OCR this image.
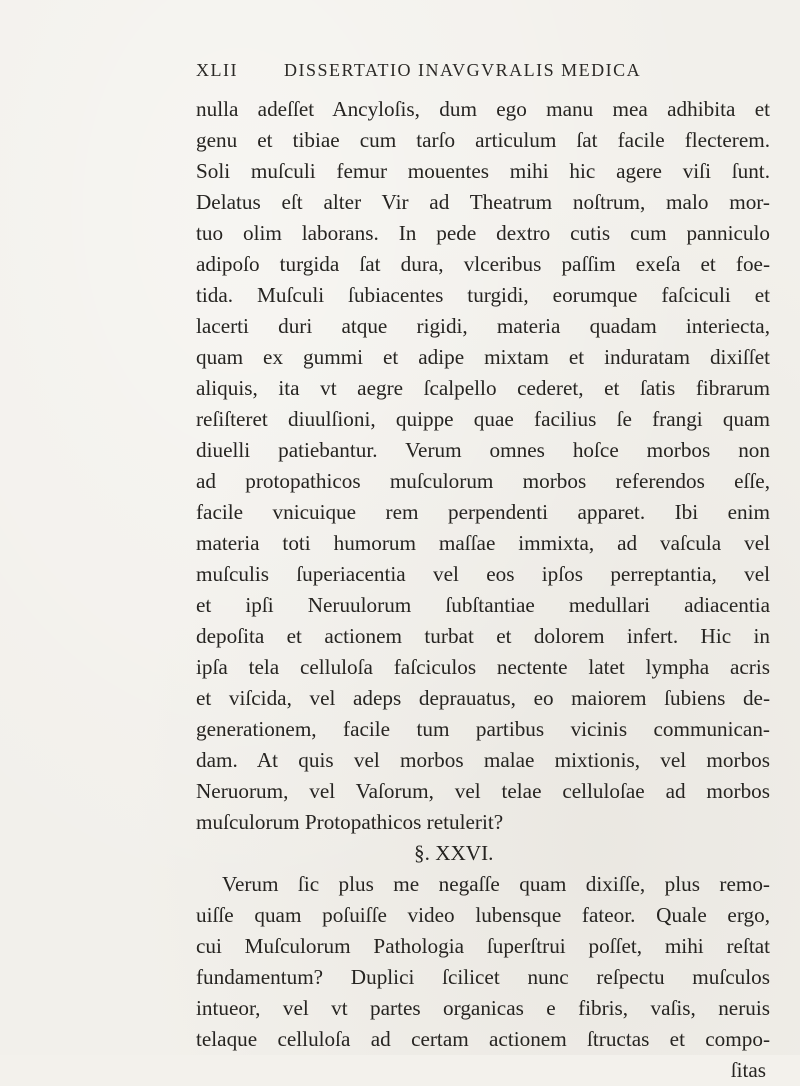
XLII	DISSERTATIO INAVGVRALIS MEDICA
nulla adeſſet Ancyloſis, dum ego manu mea adhibita et
genu et tibiae cum tarſo articulum ſat facile flecterem.
Soli muſculi femur mouentes mihi hic agere viſi ſunt.
Delatus eſt alter Vir ad Theatrum noſtrum, malo mor-
tuo olim laborans. In pede dextro cutis cum panniculo
adipoſo turgida ſat dura, vlceribus paſſim exeſa et foe-
tida. Muſculi ſubiacentes turgidi, eorumque faſciculi et
lacerti duri atque rigidi, materia quadam interiecta,
quam ex gummi et adipe mixtam et induratam dixiſſet
aliquis, ita vt aegre ſcalpello cederet, et ſatis fibrarum
reſiſteret diuulſioni, quippe quae facilius ſe frangi quam
diuelli patiebantur. Verum omnes hoſce morbos non
ad protopathicos muſculorum morbos referendos eſſe,
facile vnicuique rem perpendenti apparet. Ibi enim
materia toti humorum maſſae immixta, ad vaſcula vel
muſculis ſuperiacentia vel eos ipſos perreptantia, vel
et ipſi Neruulorum ſubſtantiae medullari adiacentia
depoſita et actionem turbat et dolorem infert. Hic in
ipſa tela celluloſa faſciculos nectente latet lympha acris
et viſcida, vel adeps deprauatus, eo maiorem ſubiens de-
generationem, facile tum partibus vicinis communican-
dam. At quis vel morbos malae mixtionis, vel morbos
Neruorum, vel Vaſorum, vel telae celluloſae ad morbos
muſculorum Protopathicos retulerit?
§. XXVI.
Verum ſic plus me negaſſe quam dixiſſe, plus remo-
uiſſe quam poſuiſſe video lubensque fateor. Quale ergo,
cui Muſculorum Pathologia ſuperſtrui poſſet, mihi reſtat
fundamentum? Duplici ſcilicet nunc reſpectu muſculos
intueor, vel vt partes organicas e fibris, vaſis, neruis
telaque celluloſa ad certam actionem ſtructas et compo-
ſitas
